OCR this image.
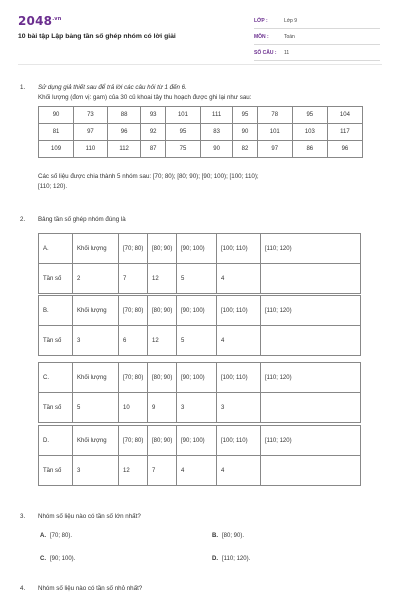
$2048^{.vn}$
10 bài tập Lập bảng tần số ghép nhóm có lời giải
LỚP :	Lớp 9
MÔN :	Toán
SỐ CÂU : 11
1. Sử dụng giả thiết sau để trả lời các câu hỏi từ 1 đến 6.
Khối lượng (đơn vị: gam) của 30 củ khoai tây thu hoạch được ghi lại như sau:
90	73	88	93	101	111	95	78	95	104
81	97	96	92	95	83	90	101	103	117
109	110	112	87	75	90	82	97	86	96
Các số liệu được chia thành 5 nhóm sau: [70; 80); [80; 90); [90; 100); [100; 110);
[110; 120).
2. Bảng tần số ghép nhóm đúng là
A.	Khối lượng	[70; 80)	[80; 90)	[90; 100)	[100; 110)	[110; 120)
Tần số	2	7	12	5	4	
B.	Khối lượng	[70; 80)	[80; 90)	[90; 100)	[100; 110)	[110; 120)
Tần số	3	6	12	5	4	
C.	Khối lượng	[70; 80)	[80; 90)	[90; 100)	[100; 110)	[110; 120)
Tần số	5	10	9	3	3	
D.	Khối lượng	[70; 80)	[80; 90)	[90; 100)	[100; 110)	[110; 120)
Tần số	3	12	7	4	4	
3. Nhóm số liệu nào có tần số lớn nhất?
A. [70; 80).	B. [80; 90).
C. [90; 100).	D. [110; 120).
4. Nhóm số liệu nào có tần số nhỏ nhất?
